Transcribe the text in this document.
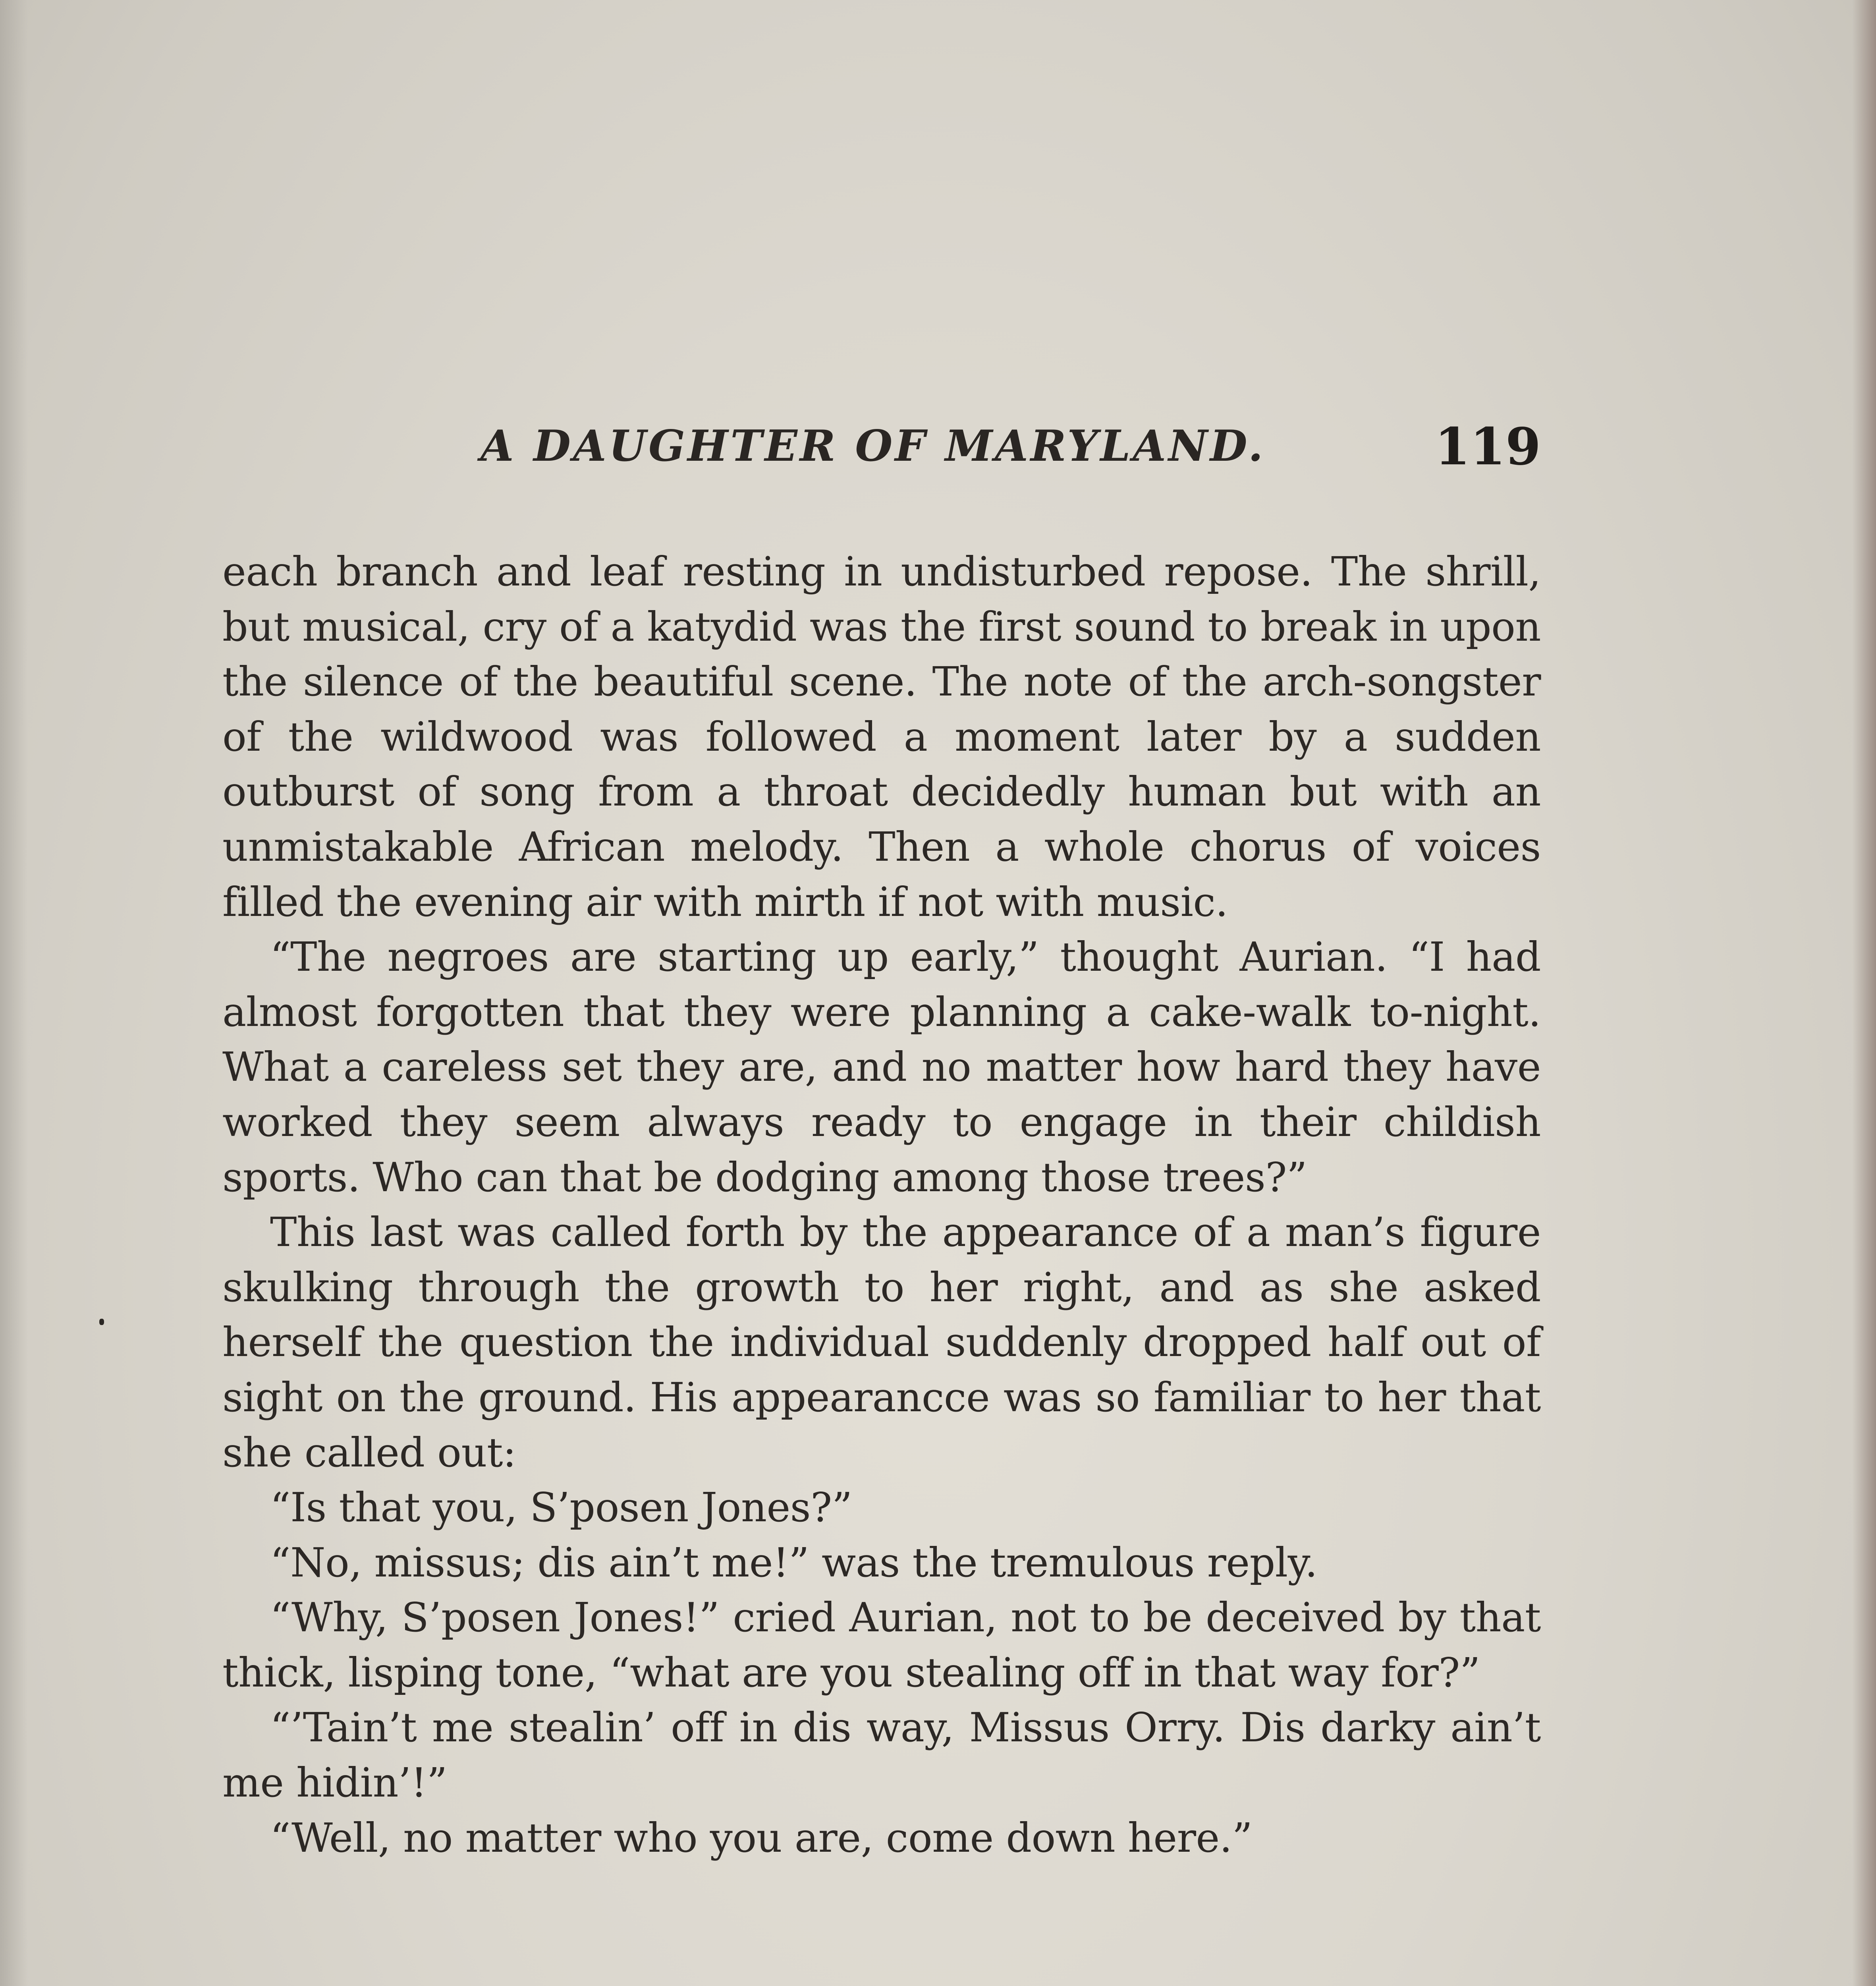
A DAUGHTER OF MARYLAND.	119

each branch and leaf resting in undisturbed repose. The shrill, but musical, cry of a katydid was the first sound to break in upon the silence of the beautiful scene. The note of the arch-songster of the wildwood was followed a moment later by a sudden outburst of song from a throat decidedly human but with an unmistakable African melody. Then a whole chorus of voices filled the evening air with mirth if not with music.

“The negroes are starting up early,” thought Aurian. “I had almost forgotten that they were planning a cake-walk to-night. What a careless set they are, and no matter how hard they have worked they seem always ready to engage in their childish sports. Who can that be dodging among those trees?”

This last was called forth by the appearance of a man’s figure skulking through the growth to her right, and as she asked herself the question the individual suddenly dropped half out of sight on the ground. His appearancce was so familiar to her that she called out:

“Is that you, S’posen Jones?”

“No, missus; dis ain’t me!” was the tremulous reply.

“Why, S’posen Jones!” cried Aurian, not to be deceived by that thick, lisping tone, “what are you stealing off in that way for?”

“’Tain’t me stealin’ off in dis way, Missus Orry. Dis darky ain’t me hidin’!”

“Well, no matter who you are, come down here.”
